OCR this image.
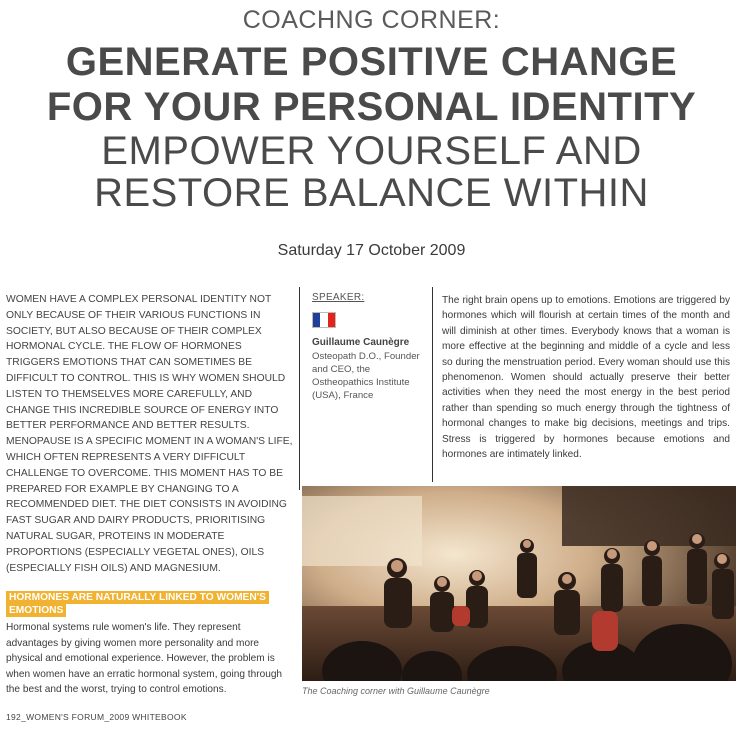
COACHNG CORNER:
GENERATE POSITIVE CHANGE
FOR YOUR PERSONAL IDENTITY
EMPOWER YOURSELF AND
RESTORE BALANCE WITHIN
Saturday 17 October 2009

WOMEN HAVE A COMPLEX PERSONAL IDENTITY NOT ONLY BECAUSE OF THEIR VARIOUS FUNCTIONS IN SOCIETY, BUT ALSO BECAUSE OF THEIR COMPLEX HORMONAL CYCLE. THE FLOW OF HORMONES TRIGGERS EMOTIONS THAT CAN SOMETIMES BE DIFFICULT TO CONTROL. THIS IS WHY WOMEN SHOULD LISTEN TO THEMSELVES MORE CAREFULLY, AND CHANGE THIS INCREDIBLE SOURCE OF ENERGY INTO BETTER PERFORMANCE AND BETTER RESULTS.

MENOPAUSE IS A SPECIFIC MOMENT IN A WOMAN'S LIFE, WHICH OFTEN REPRESENTS A VERY DIFFICULT CHALLENGE TO OVERCOME. THIS MOMENT HAS TO BE PREPARED FOR EXAMPLE BY CHANGING TO A RECOMMENDED DIET. THE DIET CONSISTS IN AVOIDING FAST SUGAR AND DAIRY PRODUCTS, PRIORITISING NATURAL SUGAR, PROTEINS IN MODERATE PROPORTIONS (ESPECIALLY VEGETAL ONES), OILS (ESPECIALLY FISH OILS) AND MAGNESIUM.

SPEAKER:
Guillaume Caunègre
Osteopath D.O., Founder and CEO, the Ostheopathics Institute (USA), France
The right brain opens up to emotions. Emotions are triggered by hormones which will flourish at certain times of the month and will diminish at other times. Everybody knows that a woman is more effective at the beginning and middle of a cycle and less so during the menstruation period. Every woman should use this phenomenon. Women should actually preserve their better activities when they need the most energy in the best period rather than spending so much energy through the tightness of hormonal changes to make big decisions, meetings and trips. Stress is triggered by hormones because emotions and hormones are intimately linked.
The Coaching corner with Guillaume Caunègre
HORMONES ARE NATURALLY LINKED TO WOMEN'S EMOTIONS
Hormonal systems rule women's life. They represent advantages by giving women more personality and more physical and emotional experience. However, the problem is when women have an erratic hormonal system, going through the best and the worst, trying to control emotions.
192_WOMEN'S FORUM_2009 WHITEBOOK
